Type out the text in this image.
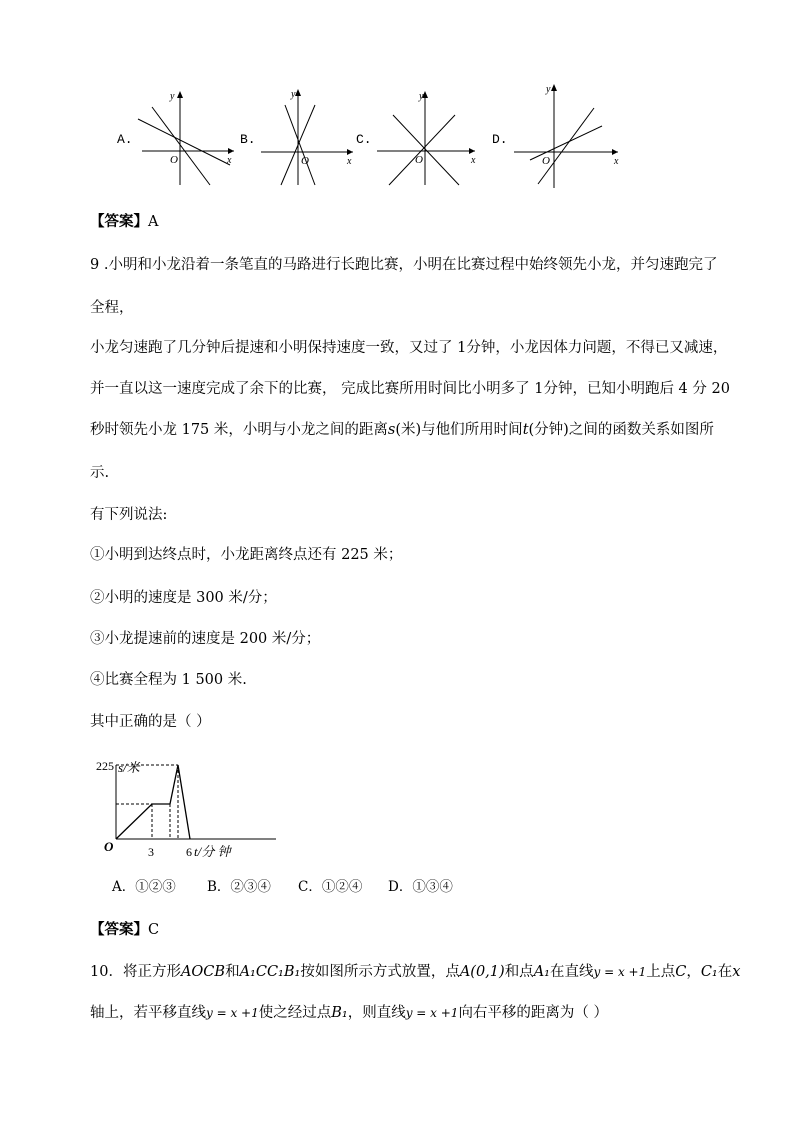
A.
y
x
O
B.
y
x
O
C.
y
x
O
D.
y
x
O
【答案】A
9 .小明和小龙沿着一条笔直的马路进行长跑比赛，小明在比赛过程中始终领先小龙，并匀速跑完了
全程，
小龙匀速跑了几分钟后提速和小明保持速度一致，又过了 1分钟，小龙因体力问题，不得已又减速，
并一直以这一速度完成了余下的比赛， 完成比赛所用时间比小明多了 1分钟，已知小明跑后 4 分 20
秒时领先小龙 175 米，小明与小龙之间的距离s(米)与他们所用时间t(分钟)之间的函数关系如图所
示.
有下列说法:
①小明到达终点时，小龙距离终点还有 225 米；
②小明的速度是 300 米/分；
③小龙提速前的速度是 200 米/分；
④比赛全程为 1 500 米.
其中正确的是（ ）
s/米
225
O	3	6 t/分 钟
A．①②③ B．②③④ C．①②④ D．①③④
【答案】C
10．将正方形AOCB和A₁CC₁B₁按如图所示方式放置，点A(0,1)和点A₁在直线y = x +1上点C，C₁在x
轴上，若平移直线y = x +1使之经过点B₁，则直线y = x +1向右平移的距离为（ ）
